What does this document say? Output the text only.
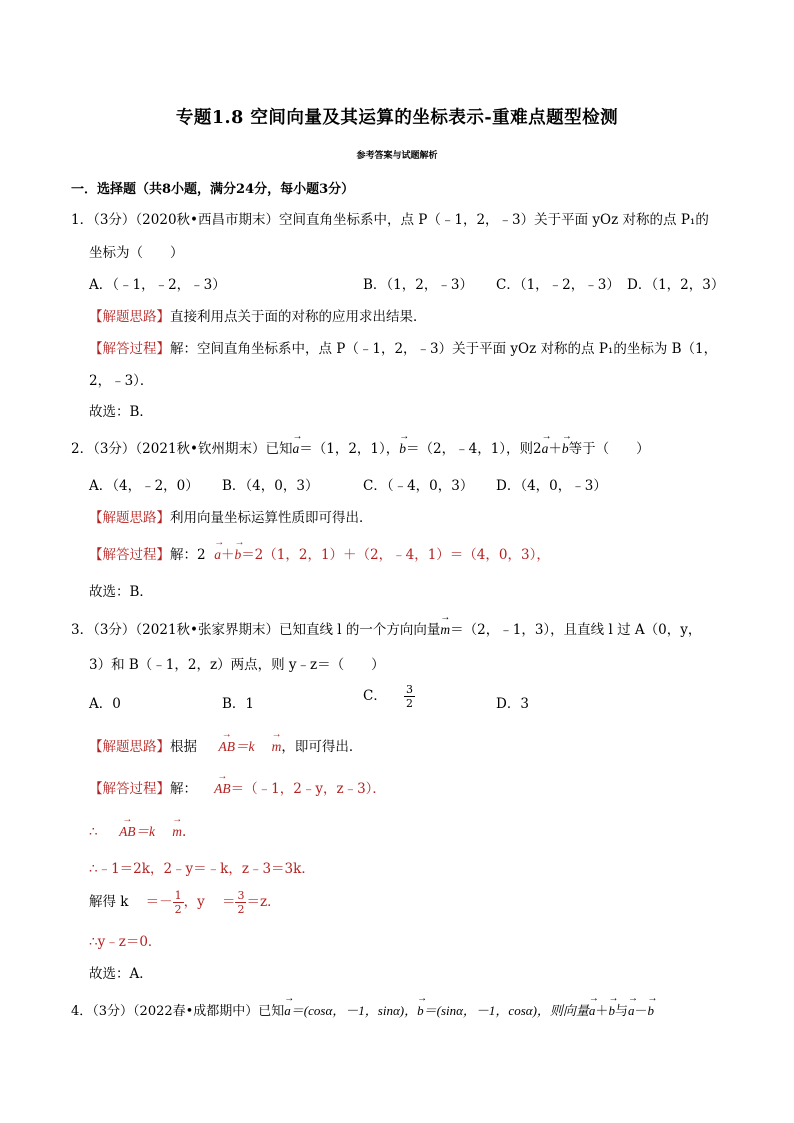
专题1.8 空间向量及其运算的坐标表示-重难点题型检测
参考答案与试题解析
一．选择题（共8小题，满分24分，每小题3分）
1．（3分）（2020秋•西昌市期末）空间直角坐标系中，点 P（﹣1，2，﹣3）关于平面 yOz 对称的点 P₁的
坐标为（　　）
A．（﹣1，﹣2，﹣3）	B．（1，2，﹣3） C．（1，﹣2，﹣3） D．（1，2，3）
【解题思路】直接利用点关于面的对称的应用求出结果．
【解答过程】解：空间直角坐标系中，点 P（﹣1，2，﹣3）关于平面 yOz 对称的点 P₁的坐标为 B（1，
2，﹣3）．
故选：B．
2．（3分）（2021秋•钦州期末）已知→ a＝（1，2，1），→ b＝（2，﹣4，1），则2→ a＋→ b等于（　　）
A．（4，﹣2，0） B．（4，0，3）	C．（﹣4，0，3） D．（4，0，﹣3）
【解题思路】利用向量坐标运算性质即可得出．
【解答过程】解：2 → a＋→ b＝2（1，2，1）＋（2，﹣4，1）＝（4，0，3），
故选：B．
3．（3分）（2021秋•张家界期末）已知直线 l 的一个方向向量→ m＝（2，﹣1，3），且直线 l 过 A（0，y，
3）和 B（﹣1，2，z）两点，则 y﹣z＝（　　）
A．0	B．1	C． $\frac{3}{2}$	D．3
【解题思路】根据 → AB＝k → m，即可得出．
【解答过程】解： → AB＝（﹣1，2﹣y，z﹣3）．
∴ → AB＝k → m.
∴﹣1＝2k，2﹣y＝﹣k，z﹣3＝3k．
解得 $k =- \frac{1}{2}$ ，$y = \frac{3}{2} =z$．
∴y﹣z＝0．
故选：A．
4．（3分）（2022春•成都期中）已知→ a＝(cosα，－1，sinα)，→ b＝(sinα，－1，cosα)，则向量→ a＋→ b与→ a－→ b
